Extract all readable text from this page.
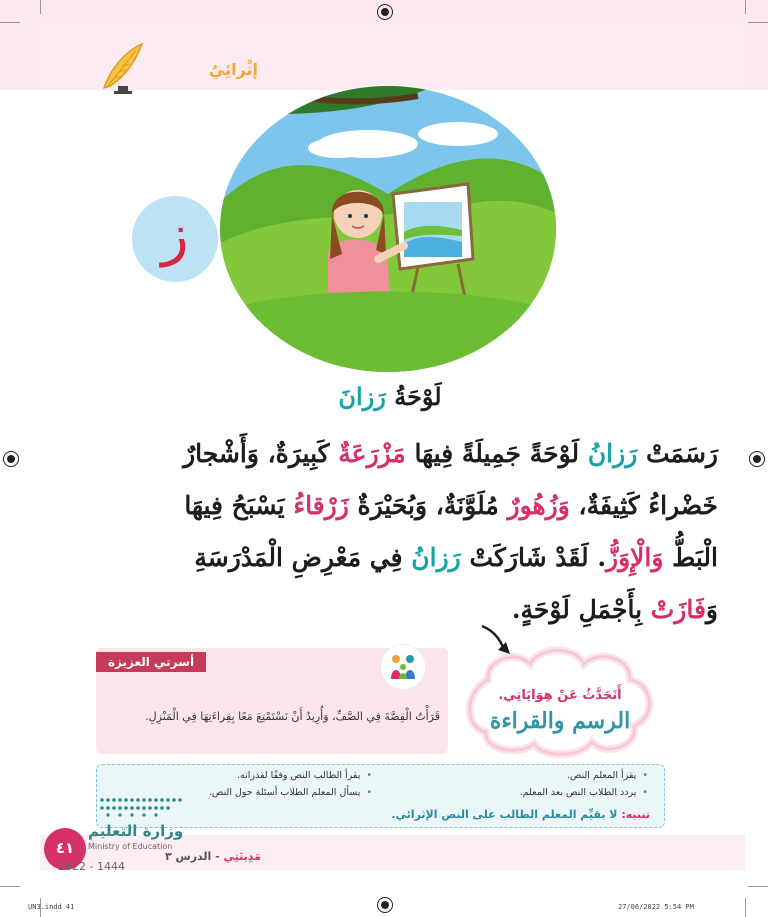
إثْرائِيٌ
ز
لَوْحَةُ رَزانَ
رَسَمَتْ رَزانُ لَوْحَةً جَمِيلَةً فِيهَا مَزْرَعَةٌ كَبِيرَةٌ، وَأَشْجارٌ
خَضْراءُ كَثِيفَةٌ، وَزُهُورٌ مُلَوَّنَةٌ، وَبُحَيْرَةٌ زَرْقاءُ يَسْبَحُ فِيهَا
الْبَطُّ وَالْإِوَزُّ. لَقَدْ شَارَكَتْ رَزانُ فِي مَعْرِضِ الْمَدْرَسَةِ
وَفَازَتْ بِأَجْمَلِ لَوْحَةٍ.
أسرتي العزيزة
قَرَأْتُ الْقِصَّةَ فِي الصَّفِّ، وَأُرِيدُ أَنْ نَسْتَمْتِعَ مَعًا بِقِراءَتِهَا فِي الْمَنْزِلِ.
أَتَحَدَّثُ عَنْ هِوَايَاتِي.
الرسم والقراءة
• يقرأ المعلم النص.
• يردد الطلاب النص بعد المعلم.
• يقرأ الطالب النص وفقًا لقدراته.
• يسأل المعلم الطلاب أسئلة حول النص.
تنبيه: لا يقيِّم المعلم الطالب على النص الإثرائي.
٤١
وزارة التعليم
Ministry of Education
2022 - 1444
مَدِينَتِي - الدرس ٣
UN3.indd 41	27/06/2022 5:54 PM
